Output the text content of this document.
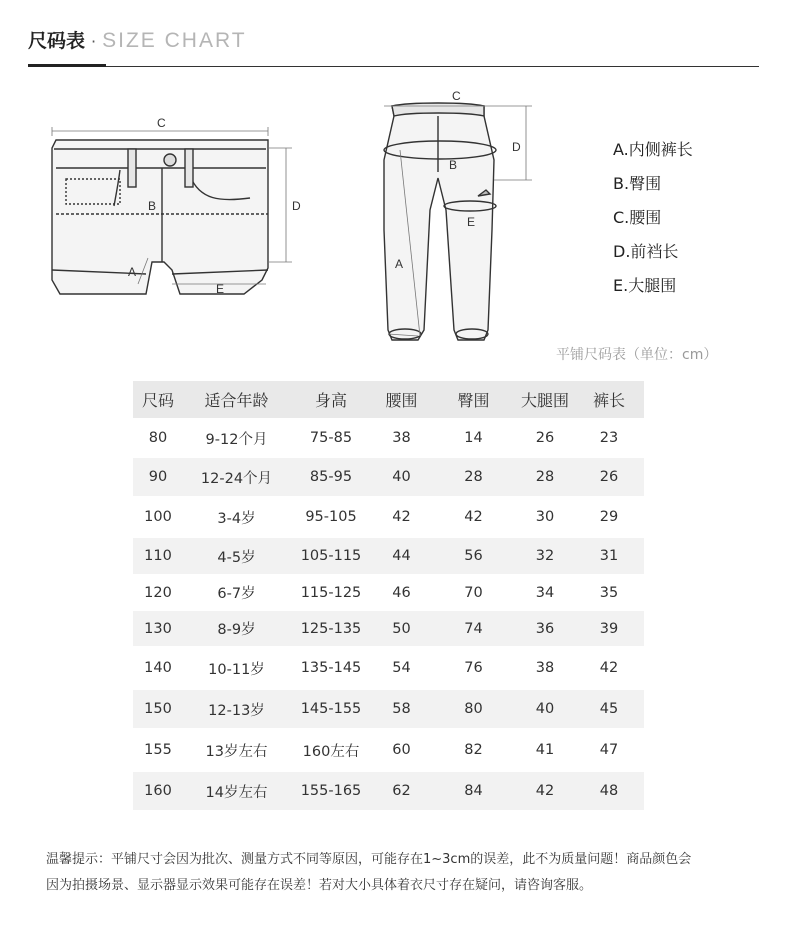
尺码表 · SIZE CHART
C
B	D
A
E
C
D
B
E
A
A.内侧裤长
B.臀围
C.腰围
D.前裆长
E.大腿围
平铺尺码表（单位：cm）
尺码	适合年龄	身高	腰围	臀围	大腿围	裤长
80	9-12个月	75-85	38	14	26	23
90	12-24个月	85-95	40	28	28	26
100	3-4岁	95-105	42	42	30	29
110	4-5岁	105-115	44	56	32	31
120	6-7岁	115-125	46	70	34	35
130	8-9岁	125-135	50	74	36	39
140	10-11岁	135-145	54	76	38	42
150	12-13岁	145-155	58	80	40	45
155	13岁左右	160左右	60	82	41	47
160	14岁左右	155-165	62	84	42	48

温馨提示：平铺尺寸会因为批次、测量方式不同等原因，可能存在1~3cm的误差，此不为质量问题！商品颜色会

因为拍摄场景、显示器显示效果可能存在误差！若对大小具体着衣尺寸存在疑问，请咨询客服。
